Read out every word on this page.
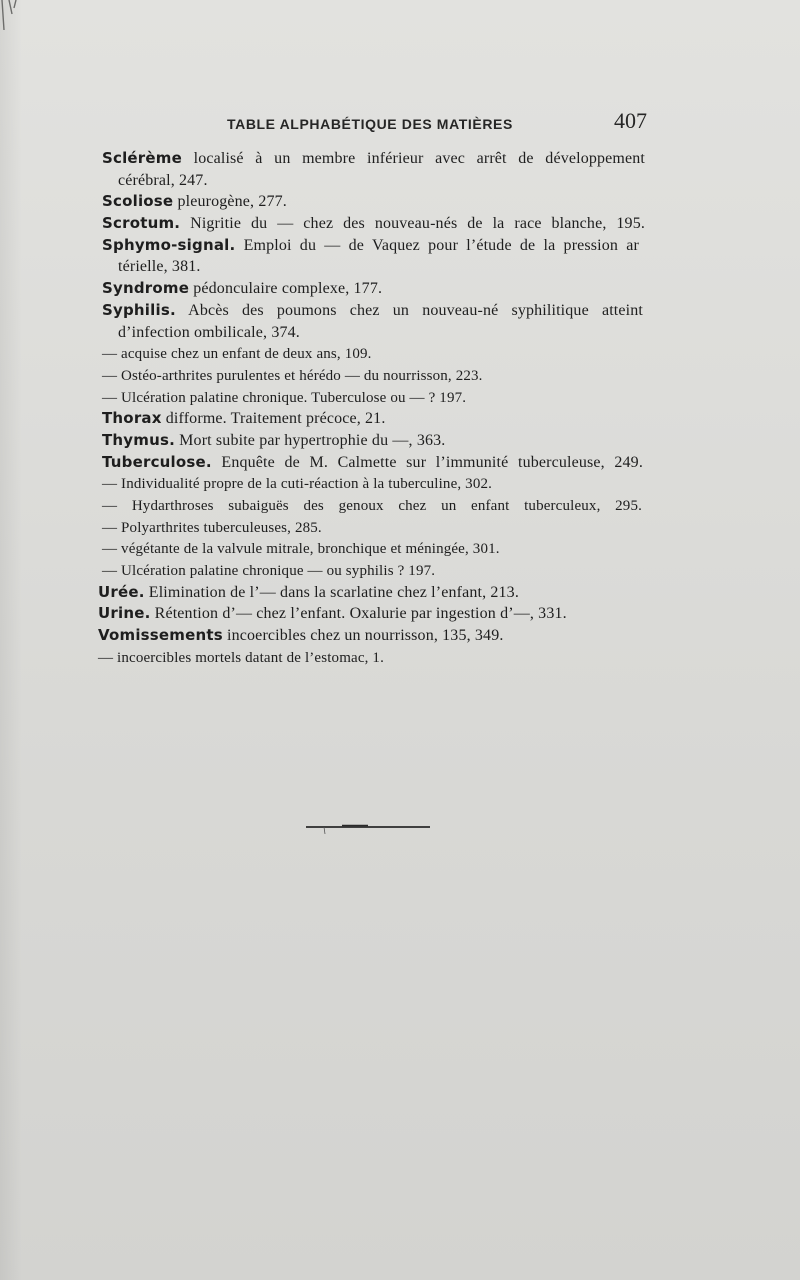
TABLE ALPHABÉTIQUE DES MATIÈRES	407
Sclérème localisé à un membre inférieur avec arrêt de développement
cérébral, 247.
Scoliose pleurogène, 277.
Scrotum. Nigritie du — chez des nouveau-nés de la race blanche, 195.
Sphymo-signal. Emploi du — de Vaquez pour l’étude de la pression ar
térielle, 381.
Syndrome pédonculaire complexe, 177.
Syphilis. Abcès des poumons chez un nouveau-né syphilitique atteint
d’infection ombilicale, 374.
— acquise chez un enfant de deux ans, 109.
— Ostéo-arthrites purulentes et hérédo — du nourrisson, 223.
— Ulcération palatine chronique. Tuberculose ou — ? 197.
Thorax difforme. Traitement précoce, 21.
Thymus. Mort subite par hypertrophie du —, 363.
Tuberculose. Enquête de M. Calmette sur l’immunité tuberculeuse, 249.
— Individualité propre de la cuti-réaction à la tuberculine, 302.
— Hydarthroses subaiguës des genoux chez un enfant tuberculeux, 295.
— Polyarthrites tuberculeuses, 285.
— végétante de la valvule mitrale, bronchique et méningée, 301.
— Ulcération palatine chronique — ou syphilis ? 197.
Urée. Elimination de l’— dans la scarlatine chez l’enfant, 213.
Urine. Rétention d’— chez l’enfant. Oxalurie par ingestion d’—, 331.
Vomissements incoercibles chez un nourrisson, 135, 349.
— incoercibles mortels datant de l’estomac, 1.
